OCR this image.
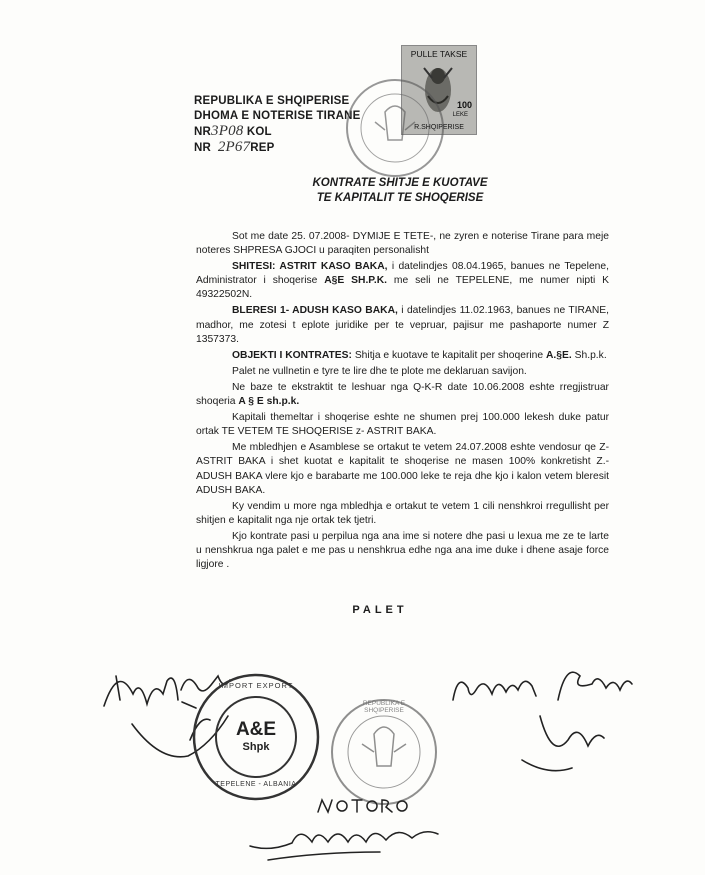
PULLE TAKSE
100
LEKE
R.SHQIPERISE
REPUBLIKA E SHQIPERISE
DHOMA E NOTERISE TIRANE
NR3P08 KOL
NR 2P67REP
KONTRATE SHITJE E KUOTAVE
TE KAPITALIT TE SHOQERISE

Sot me date 25. 07.2008- DYMIJE E TETE-, ne zyren e noterise Tirane para meje noteres SHPRESA GJOCI u paraqiten personalisht

SHITESI: ASTRIT KASO BAKA, i datelindjes 08.04.1965, banues ne Tepelene, Administrator i shoqerise A§E SH.P.K. me seli ne TEPELENE, me numer nipti K 49322502N.

BLERESI 1- ADUSH KASO BAKA, i datelindjes 11.02.1963, banues ne TIRANE, madhor, me zotesi t eplote juridike per te vepruar, pajisur me pashaporte numer Z 1357373.

OBJEKTI I KONTRATES: Shitja e kuotave te kapitalit per shoqerine A.§E. Sh.p.k.

Palet ne vullnetin e tyre te lire dhe te plote me deklaruan savijon.

Ne baze te ekstraktit te leshuar nga Q-K-R date 10.06.2008 eshte rregjistruar shoqeria A § E sh.p.k.

Kapitali themeltar i shoqerise eshte ne shumen prej 100.000 lekesh duke patur ortak TE VETEM TE SHOQERISE z- ASTRIT BAKA.

Me mbledhjen e Asamblese se ortakut te vetem 24.07.2008 eshte vendosur qe Z- ASTRIT BAKA i shet kuotat e kapitalit te shoqerise ne masen 100% konkretisht Z.- ADUSH BAKA vlere kjo e barabarte me 100.000 leke te reja dhe kjo i kalon vetem bleresit ADUSH BAKA.

Ky vendim u more nga mbledhja e ortakut te vetem 1 cili nenshkroi rregullisht per shitjen e kapitalit nga nje ortak tek tjetri.

Kjo kontrate pasi u perpilua nga ana ime si notere dhe pasi u lexua me ze te larte u nenshkrua nga palet e me pas u nenshkrua edhe nga ana ime duke i dhene asaje force ligjore .

PALET
A&E
Shpk
IMPORT EXPORT
TEPELENE - ALBANIA
REPUBLIKA E SHQIPERISE
